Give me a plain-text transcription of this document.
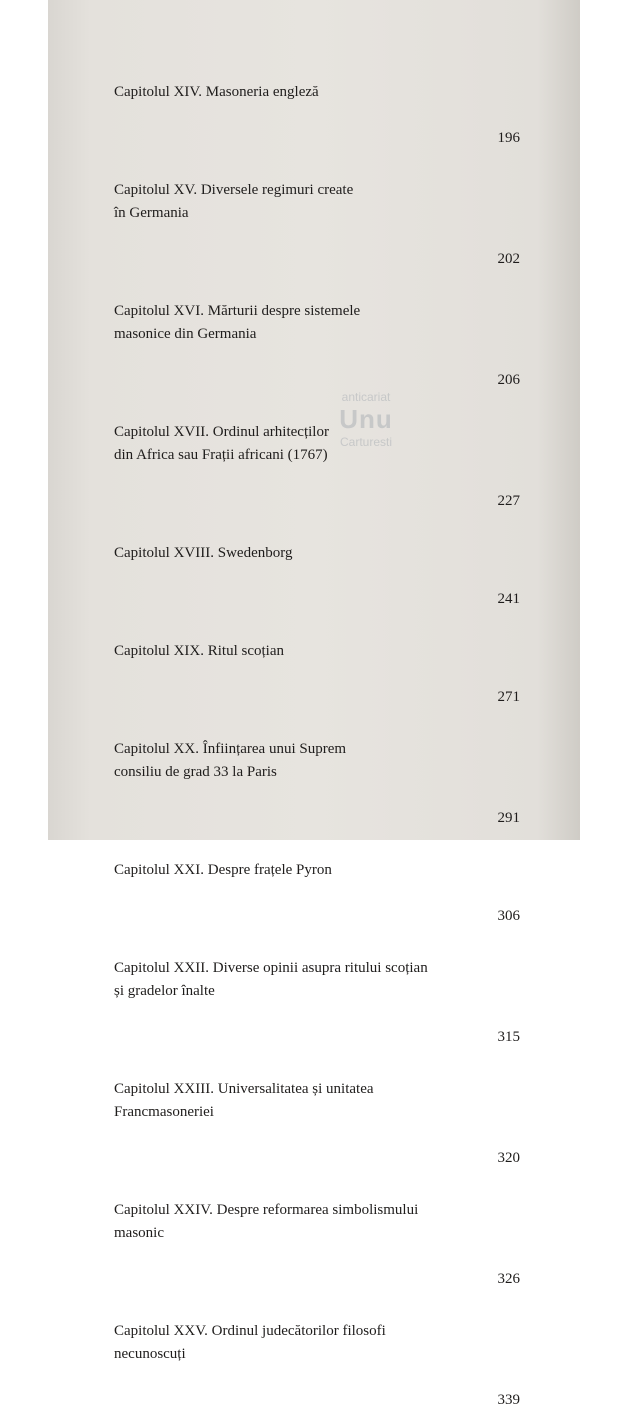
Capitolul XIV. Masoneria engleză

196

Capitolul XV. Diversele regimuri create
în Germania

202

Capitolul XVI. Mărturii despre sistemele
masonice din Germania

206

Capitolul XVII. Ordinul arhitecților
din Africa sau Frații africani (1767)

227

Capitolul XVIII. Swedenborg

241

Capitolul XIX. Ritul scoțian

271

Capitolul XX. Înființarea unui Suprem
consiliu de grad 33 la Paris

291

Capitolul XXI. Despre frațele Pyron

306

Capitolul XXII. Diverse opinii asupra ritului scoțian
și gradelor înalte

315

Capitolul XXIII. Universalitatea și unitatea
Francmasoneriei

320

Capitolul XXIV. Despre reformarea simbolismului
masonic

326

Capitolul XXV. Ordinul judecătorilor filosofi
necunoscuți

339

anticariat
Unu
Carturesti
